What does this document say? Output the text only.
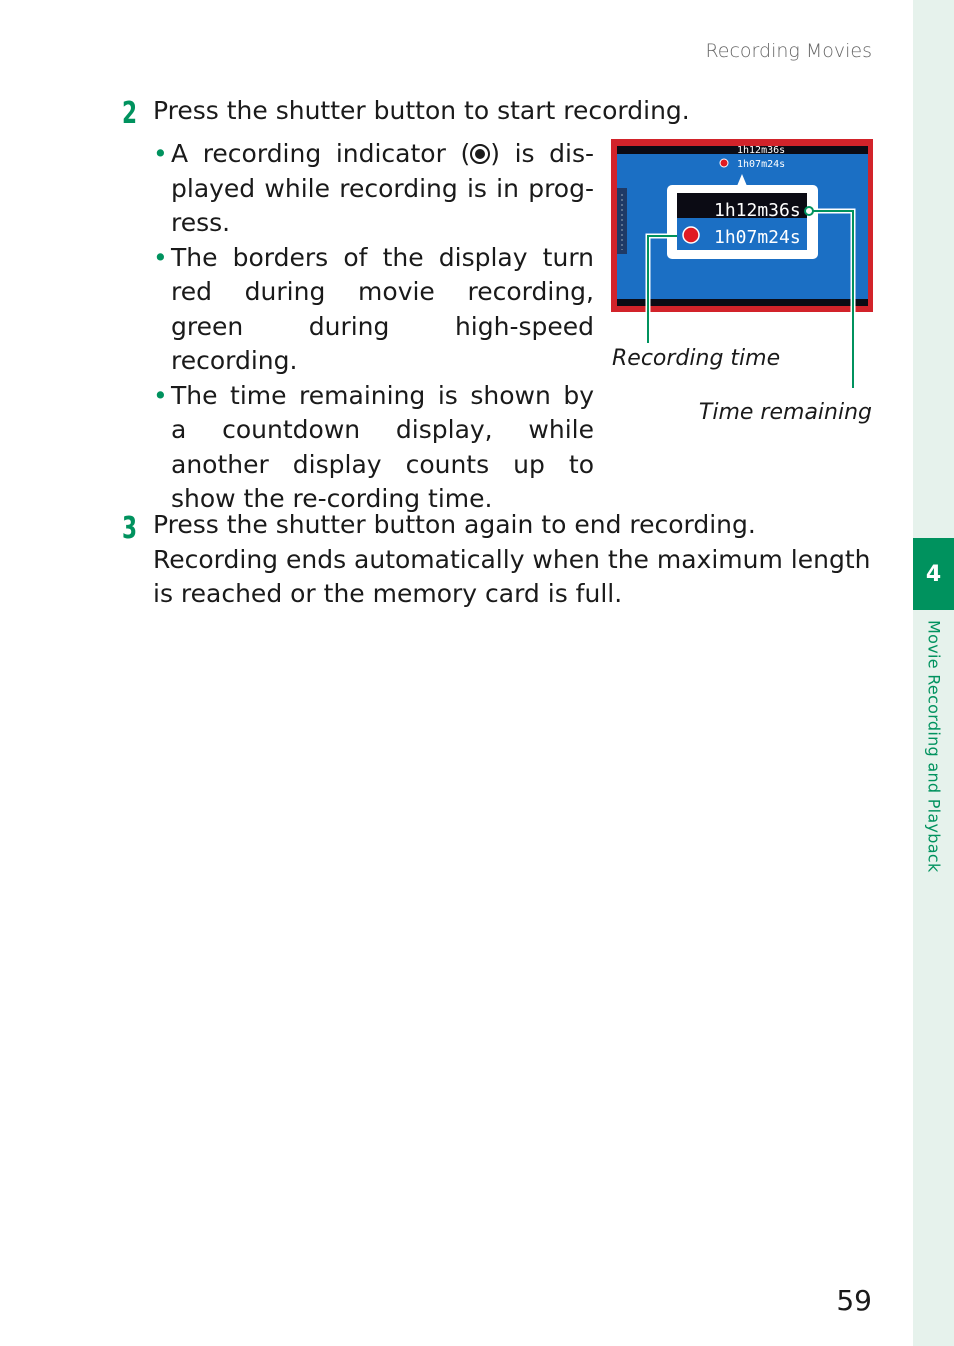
4
Movie Recording and Playback
Recording Movies
2 Press the shutter button to start recording.
• A recording indicator ( ) is dis-played while recording is in prog-ress.
• The borders of the display turn red during movie recording, green during high-speed recording.
• The time remaining is shown by a countdown display, while another display counts up to show the re-cording time.
1h12m36s
1h07m24s
1h12m36s
1h07m24s
Recording time
Time remaining
3 Press the shutter button again to end recording.
Recording ends automatically when the maximum length is reached or the memory card is full.
59
